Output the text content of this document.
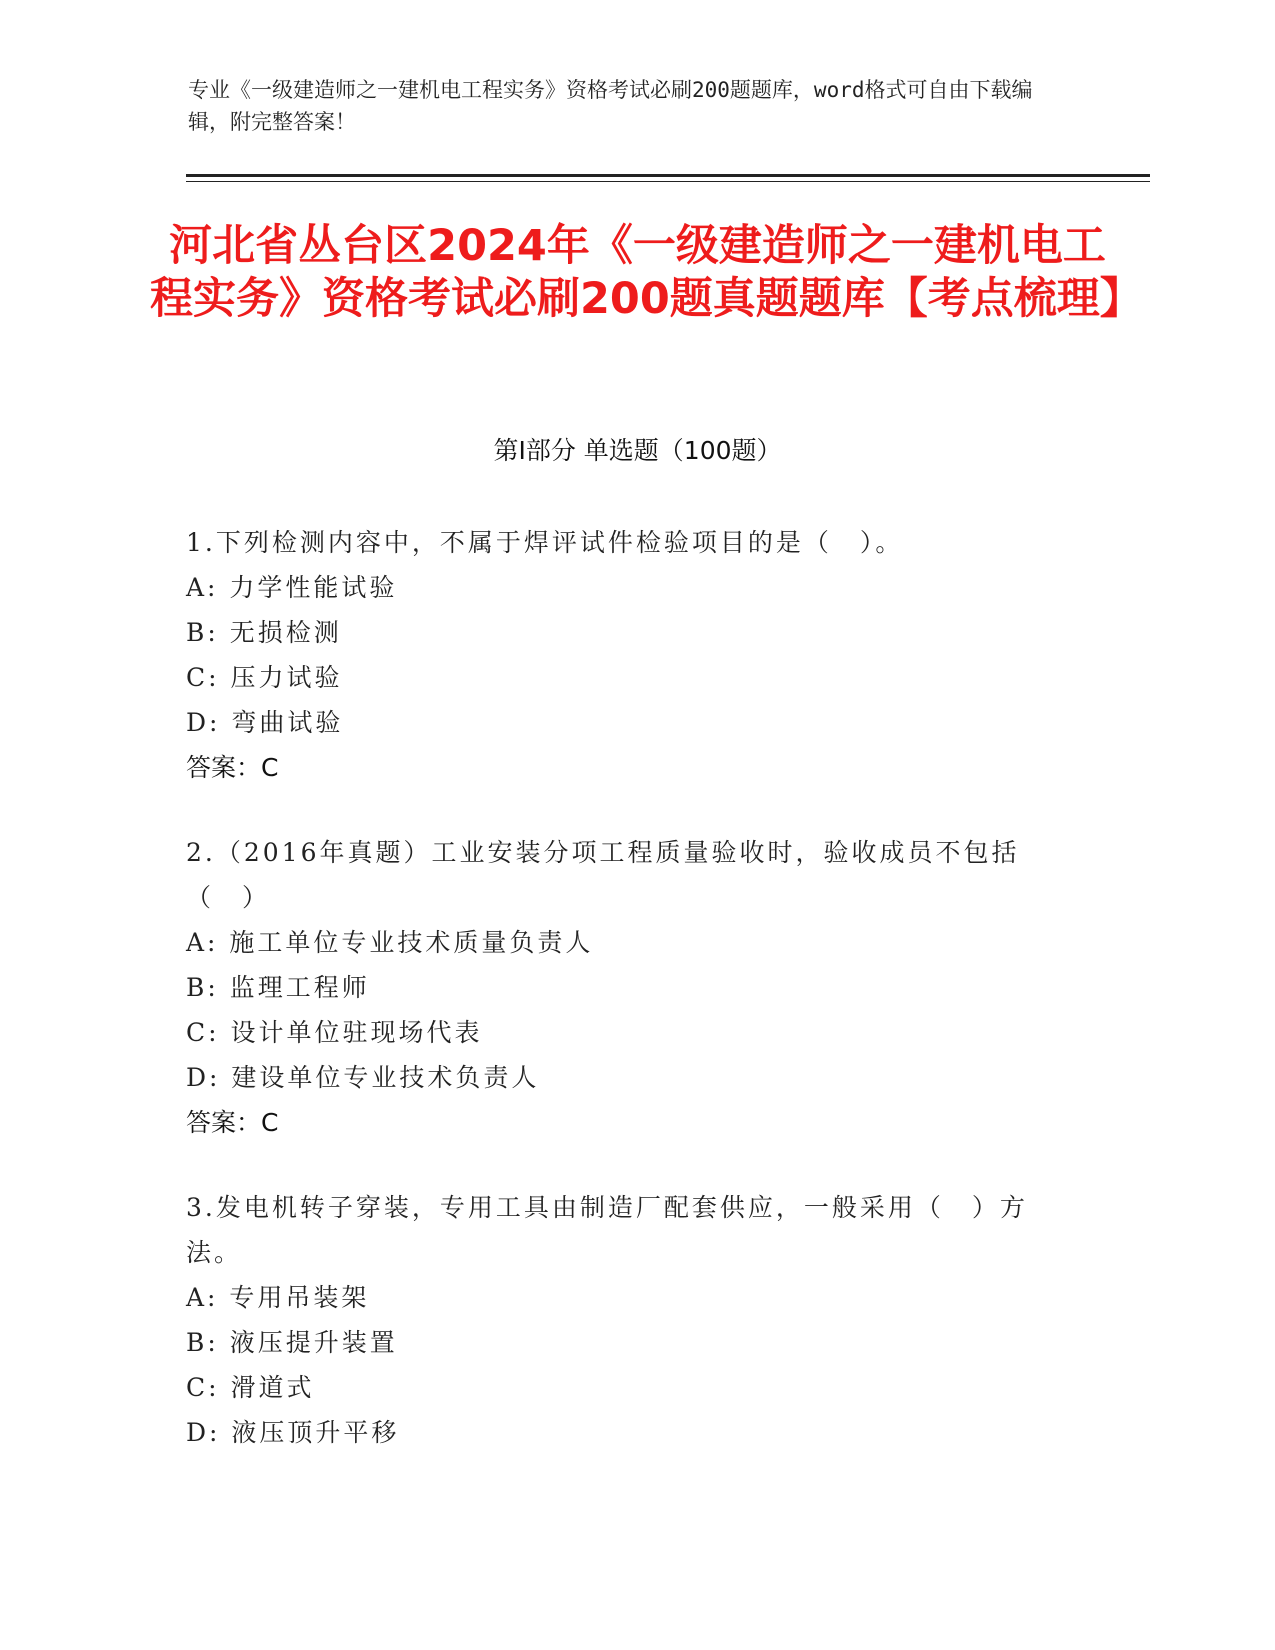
专业《一级建造师之一建机电工程实务》资格考试必刷200题题库，word格式可自由下载编辑，附完整答案！
河北省丛台区2024年《一级建造师之一建机电工程实务》资格考试必刷200题真题题库【考点梳理】
第Ⅰ部分 单选题（100题）
1.下列检测内容中，不属于焊评试件检验项目的是（　）。
A: 力学性能试验
B: 无损检测
C: 压力试验
D: 弯曲试验
答案：C
2.（2016年真题）工业安装分项工程质量验收时，验收成员不包括（　）
A: 施工单位专业技术质量负责人
B: 监理工程师
C: 设计单位驻现场代表
D: 建设单位专业技术负责人
答案：C
3.发电机转子穿装，专用工具由制造厂配套供应，一般采用（　）方法。
A: 专用吊装架
B: 液压提升装置
C: 滑道式
D: 液压顶升平移
